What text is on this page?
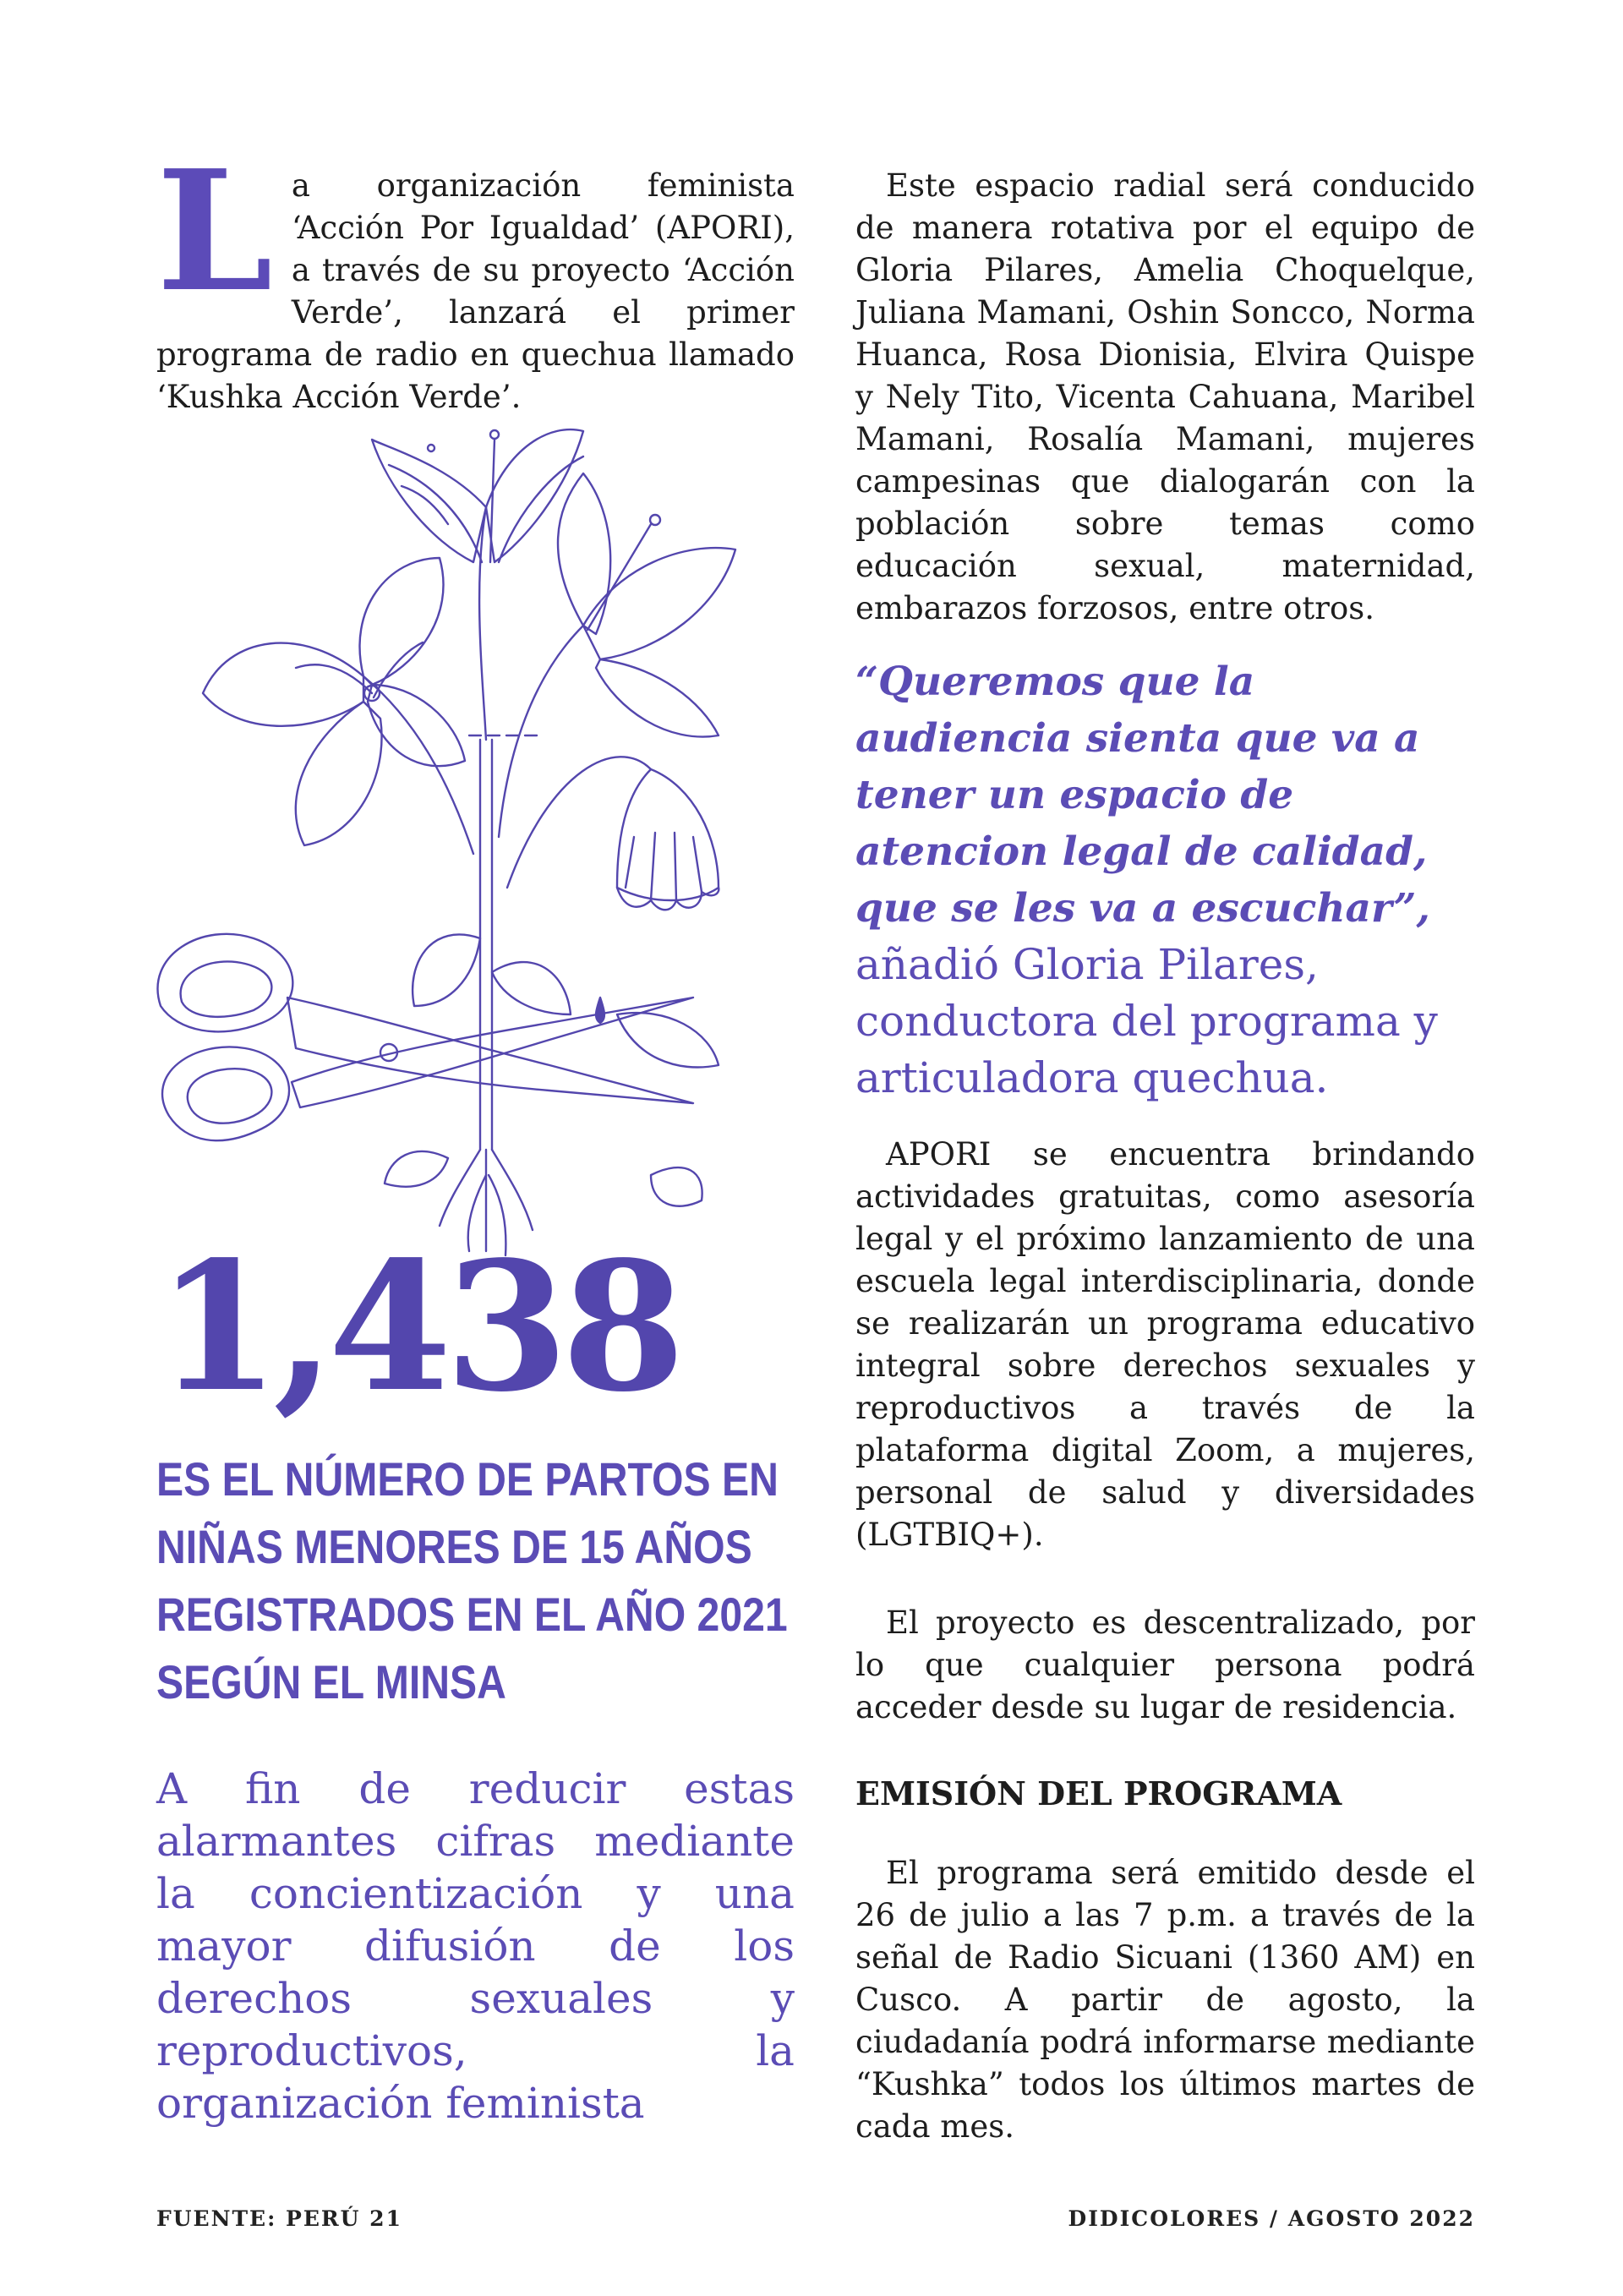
La organización feminista ‘Acción Por Igualdad’ (APORI), a través de su proyecto ‘Acción Verde’, lanzará el primer programa de radio en quechua llamado ‘Kushka Acción Verde’.

1,438
ES EL NÚMERO DE PARTOS EN
NIÑAS MENORES DE 15 AÑOS
REGISTRADOS EN EL AÑO 2021
SEGÚN EL MINSA

A fin de reducir estas alarmantes cifras mediante la concientización y una mayor difusión de los derechos sexuales y reproductivos, la organización feminista

Este espacio radial será conducido de manera rotativa por el equipo de Gloria Pilares, Amelia Choquelque, Juliana Mamani, Oshin Soncco, Norma Huanca, Rosa Dionisia, Elvira Quispe y Nely Tito, Vicenta Cahuana, Maribel Mamani, Rosalía Mamani, mujeres campesinas que dialogarán con la población sobre temas como educación sexual, maternidad, embarazos forzosos, entre otros.

“Queremos que la audiencia sienta que va a tener un espacio de atencion legal de calidad, que se les va a escuchar”,

añadió Gloria Pilares, conductora del programa y articuladora quechua.

APORI se encuentra brindando actividades gratuitas, como asesoría legal y el próximo lanzamiento de una escuela legal interdisciplinaria, donde se realizarán un programa educativo integral sobre derechos sexuales y reproductivos a través de la plataforma digital Zoom, a mujeres, personal de salud y diversidades (LGTBIQ+).

El proyecto es descentralizado, por lo que cualquier persona podrá acceder desde su lugar de residencia.

EMISIÓN DEL PROGRAMA

El programa será emitido desde el 26 de julio a las 7 p.m. a través de la señal de Radio Sicuani (1360 AM) en Cusco. A partir de agosto, la ciudadanía podrá informarse mediante “Kushka” todos los últimos martes de cada mes.

FUENTE: PERÚ 21	DIDICOLORES / AGOSTO 2022
